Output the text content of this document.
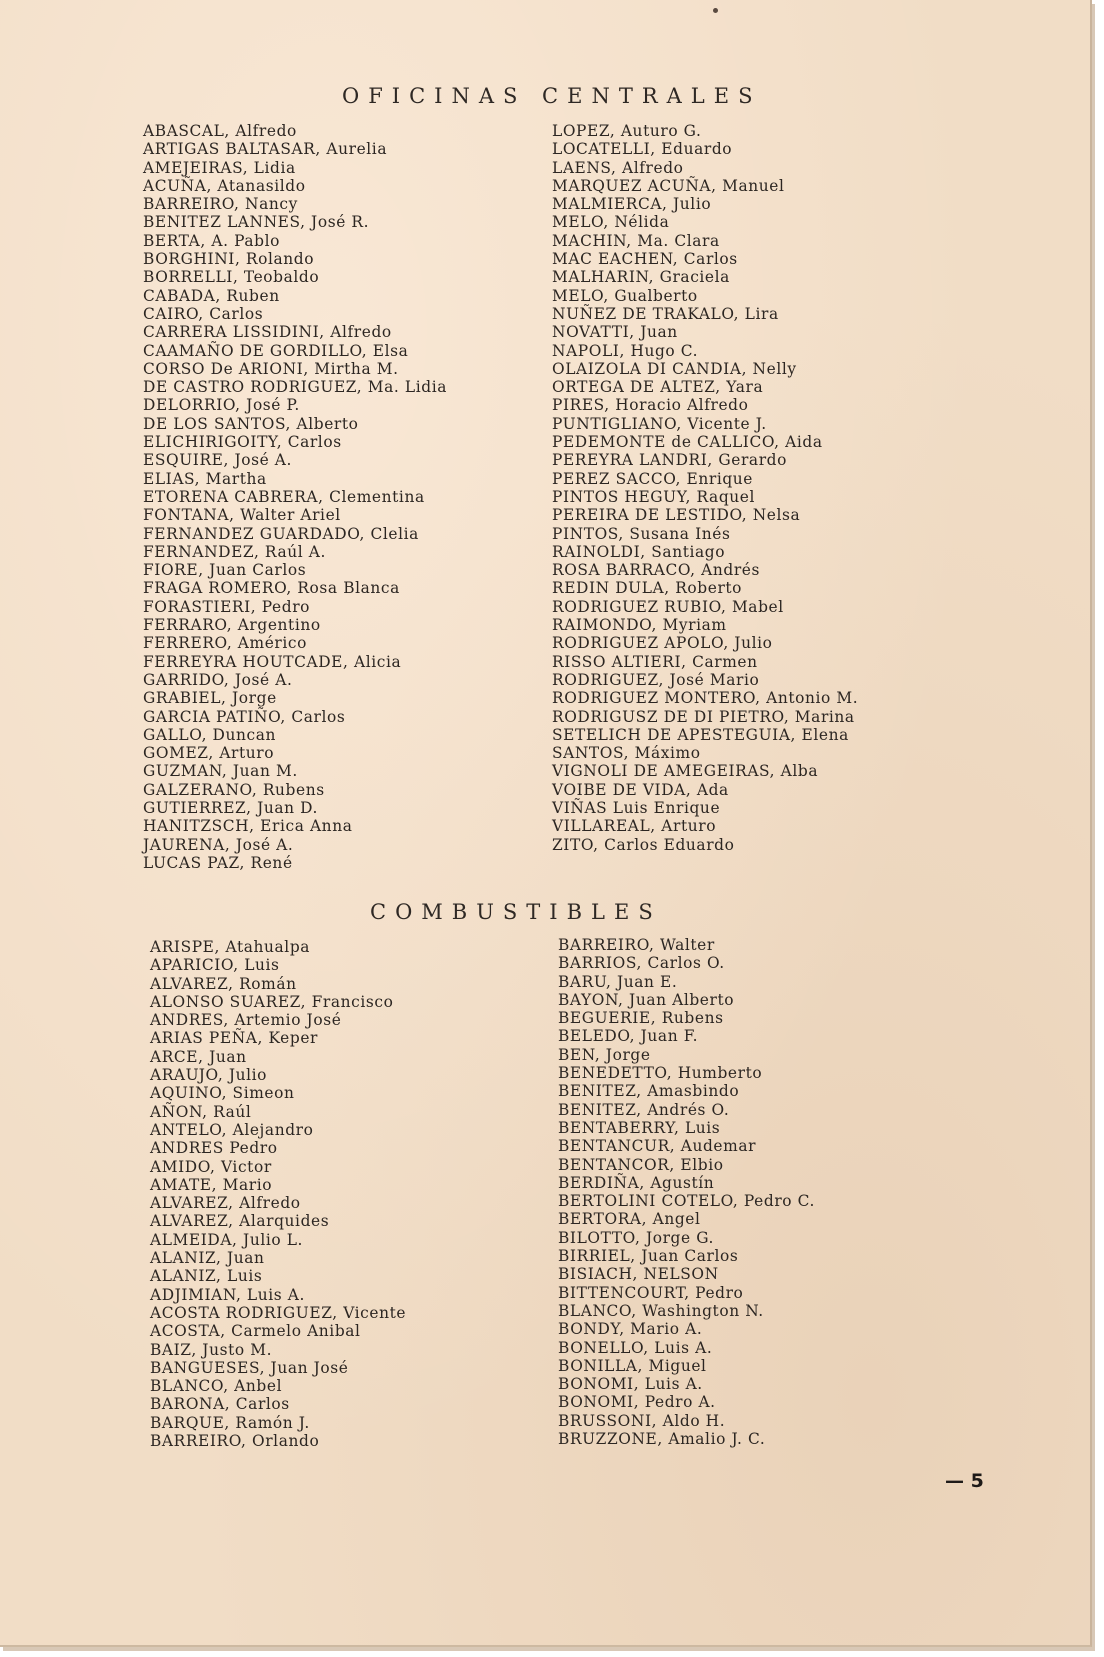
OFICINAS CENTRALES
ABASCAL, Alfredo
ARTIGAS BALTASAR, Aurelia
AMEJEIRAS, Lidia
ACUÑA, Atanasildo
BARREIRO, Nancy
BENITEZ LANNES, José R.
BERTA, A. Pablo
BORGHINI, Rolando
BORRELLI, Teobaldo
CABADA, Ruben
CAIRO, Carlos
CARRERA LISSIDINI, Alfredo
CAAMAÑO DE GORDILLO, Elsa
CORSO De ARIONI, Mirtha M.
DE CASTRO RODRIGUEZ, Ma. Lidia
DELORRIO, José P.
DE LOS SANTOS, Alberto
ELICHIRIGOITY, Carlos
ESQUIRE, José A.
ELIAS, Martha
ETORENA CABRERA, Clementina
FONTANA, Walter Ariel
FERNANDEZ GUARDADO, Clelia
FERNANDEZ, Raúl A.
FIORE, Juan Carlos
FRAGA ROMERO, Rosa Blanca
FORASTIERI, Pedro
FERRARO, Argentino
FERRERO, Américo
FERREYRA HOUTCADE, Alicia
GARRIDO, José A.
GRABIEL, Jorge
GARCIA PATIÑO, Carlos
GALLO, Duncan
GOMEZ, Arturo
GUZMAN, Juan M.
GALZERANO, Rubens
GUTIERREZ, Juan D.
HANITZSCH, Erica Anna
JAURENA, José A.
LUCAS PAZ, René
LOPEZ, Auturo G.
LOCATELLI, Eduardo
LAENS, Alfredo
MARQUEZ ACUÑA, Manuel
MALMIERCA, Julio
MELO, Nélida
MACHIN, Ma. Clara
MAC EACHEN, Carlos
MALHARIN, Graciela
MELO, Gualberto
NUÑEZ DE TRAKALO, Lira
NOVATTI, Juan
NAPOLI, Hugo C.
OLAIZOLA DI CANDIA, Nelly
ORTEGA DE ALTEZ, Yara
PIRES, Horacio Alfredo
PUNTIGLIANO, Vicente J.
PEDEMONTE de CALLICO, Aida
PEREYRA LANDRI, Gerardo
PEREZ SACCO, Enrique
PINTOS HEGUY, Raquel
PEREIRA DE LESTIDO, Nelsa
PINTOS, Susana Inés
RAINOLDI, Santiago
ROSA BARRACO, Andrés
REDIN DULA, Roberto
RODRIGUEZ RUBIO, Mabel
RAIMONDO, Myriam
RODRIGUEZ APOLO, Julio
RISSO ALTIERI, Carmen
RODRIGUEZ, José Mario
RODRIGUEZ MONTERO, Antonio M.
RODRIGUSZ DE DI PIETRO, Marina
SETELICH DE APESTEGUIA, Elena
SANTOS, Máximo
VIGNOLI DE AMEGEIRAS, Alba
VOIBE DE VIDA, Ada
VIÑAS Luis Enrique
VILLAREAL, Arturo
ZITO, Carlos Eduardo
COMBUSTIBLES
ARISPE, Atahualpa
APARICIO, Luis
ALVAREZ, Román
ALONSO SUAREZ, Francisco
ANDRES, Artemio José
ARIAS PEÑA, Keper
ARCE, Juan
ARAUJO, Julio
AQUINO, Simeon
AÑON, Raúl
ANTELO, Alejandro
ANDRES Pedro
AMIDO, Victor
AMATE, Mario
ALVAREZ, Alfredo
ALVAREZ, Alarquides
ALMEIDA, Julio L.
ALANIZ, Juan
ALANIZ, Luis
ADJIMIAN, Luis A.
ACOSTA RODRIGUEZ, Vicente
ACOSTA, Carmelo Anibal
BAIZ, Justo M.
BANGUESES, Juan José
BLANCO, Anbel
BARONA, Carlos
BARQUE, Ramón J.
BARREIRO, Orlando
BARREIRO, Walter
BARRIOS, Carlos O.
BARU, Juan E.
BAYON, Juan Alberto
BEGUERIE, Rubens
BELEDO, Juan F.
BEN, Jorge
BENEDETTO, Humberto
BENITEZ, Amasbindo
BENITEZ, Andrés O.
BENTABERRY, Luis
BENTANCUR, Audemar
BENTANCOR, Elbio
BERDIÑA, Agustín
BERTOLINI COTELO, Pedro C.
BERTORA, Angel
BILOTTO, Jorge G.
BIRRIEL, Juan Carlos
BISIACH, NELSON
BITTENCOURT, Pedro
BLANCO, Washington N.
BONDY, Mario A.
BONELLO, Luis A.
BONILLA, Miguel
BONOMI, Luis A.
BONOMI, Pedro A.
BRUSSONI, Aldo H.
BRUZZONE, Amalio J. C.
— 5
